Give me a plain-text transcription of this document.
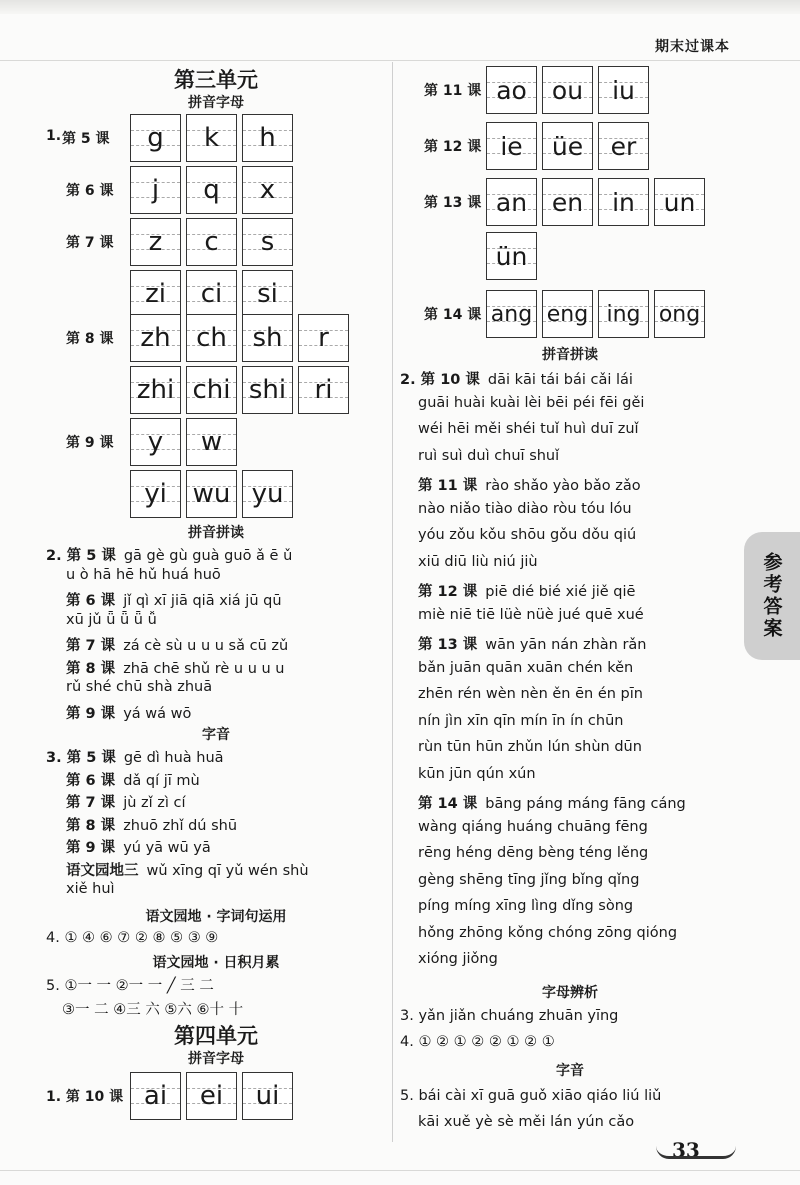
期末过课本
参考答案
33
第三单元
拼音字母
第 5 课 g k h
第 6 课 j q x
第 7 课 z c s
zi ci si
第 8 课 zh ch sh r
zhi chi shi ri
第 9 课 y w
yi wu yu
1.
拼音拼读
2. 第 5 课 gā gè gù guà guō ǎ ē ǔ
u ò hā hē hǔ huá huō
第 6 课 jǐ qì xī jiā qiā xiá jū qū
xū jǔ ǖ ǖ ǖ ǚ
第 7 课 zá cè sù u u u sǎ cū zǔ
第 8 课 zhā chē shǔ rè u u u u
rǔ shé chū shà zhuā
第 9 课 yá wá wō
字音
3. 第 5 课 gē dì huà huā
第 6 课 dǎ qí jī mù
第 7 课 jù zǐ zì cí
第 8 课 zhuō zhǐ dú shū
第 9 课 yú yā wū yā
语文园地三 wǔ xīng qī yǔ wén shù
xiě huì
语文园地 · 字词句运用
4. ① ④ ⑥ ⑦ ② ⑧ ⑤ ③ ⑨
语文园地 · 日积月累
5. ①一 一 ②一 一 ╱ 三 二
③一 二 ④三 六 ⑤六 ⑥十 十
第四单元
拼音字母
1. 第 10 课 ai ei ui
第 11 课 ao ou iu
第 12 课 ie üe er
第 13 课 an en in un
ün
第 14 课 ang eng ing ong
拼音拼读
2. 第 10 课 dāi kāi tái bái cǎi lái
guāi huài kuài lèi bēi péi fēi gěi
wéi hēi měi shéi tuǐ huì duī zuǐ
ruì suì duì chuī shuǐ
第 11 课 rào shǎo yào bǎo zǎo
nào niǎo tiào diào ròu tóu lóu
yóu zǒu kǒu shōu gǒu dǒu qiú
xiū diū liù niú jiù
第 12 课 piē dié bié xié jiě qiē
miè niē tiē lüè nüè jué quē xué
第 13 课 wān yān nán zhàn rǎn
bǎn juān quān xuān chén kěn
zhēn rén wèn nèn ěn ēn én pīn
nín jìn xīn qīn mín īn ín chūn
rùn tūn hūn zhǔn lún shùn dūn
kūn jūn qún xún
第 14 课 bāng páng máng fāng cáng
wàng qiáng huáng chuāng fēng
rēng héng dēng bèng téng lěng
gèng shēng tīng jǐng bǐng qǐng
píng míng xīng lìng dǐng sòng
hǒng zhōng kǒng chóng zōng qióng
xióng jiǒng
字母辨析
3. yǎn jiǎn chuáng zhuān yīng
4. ① ② ① ② ② ① ② ①
字音
5. bái cài xī guā guǒ xiāo qiáo liú liǔ
kāi xuě yè sè měi lán yún cǎo
